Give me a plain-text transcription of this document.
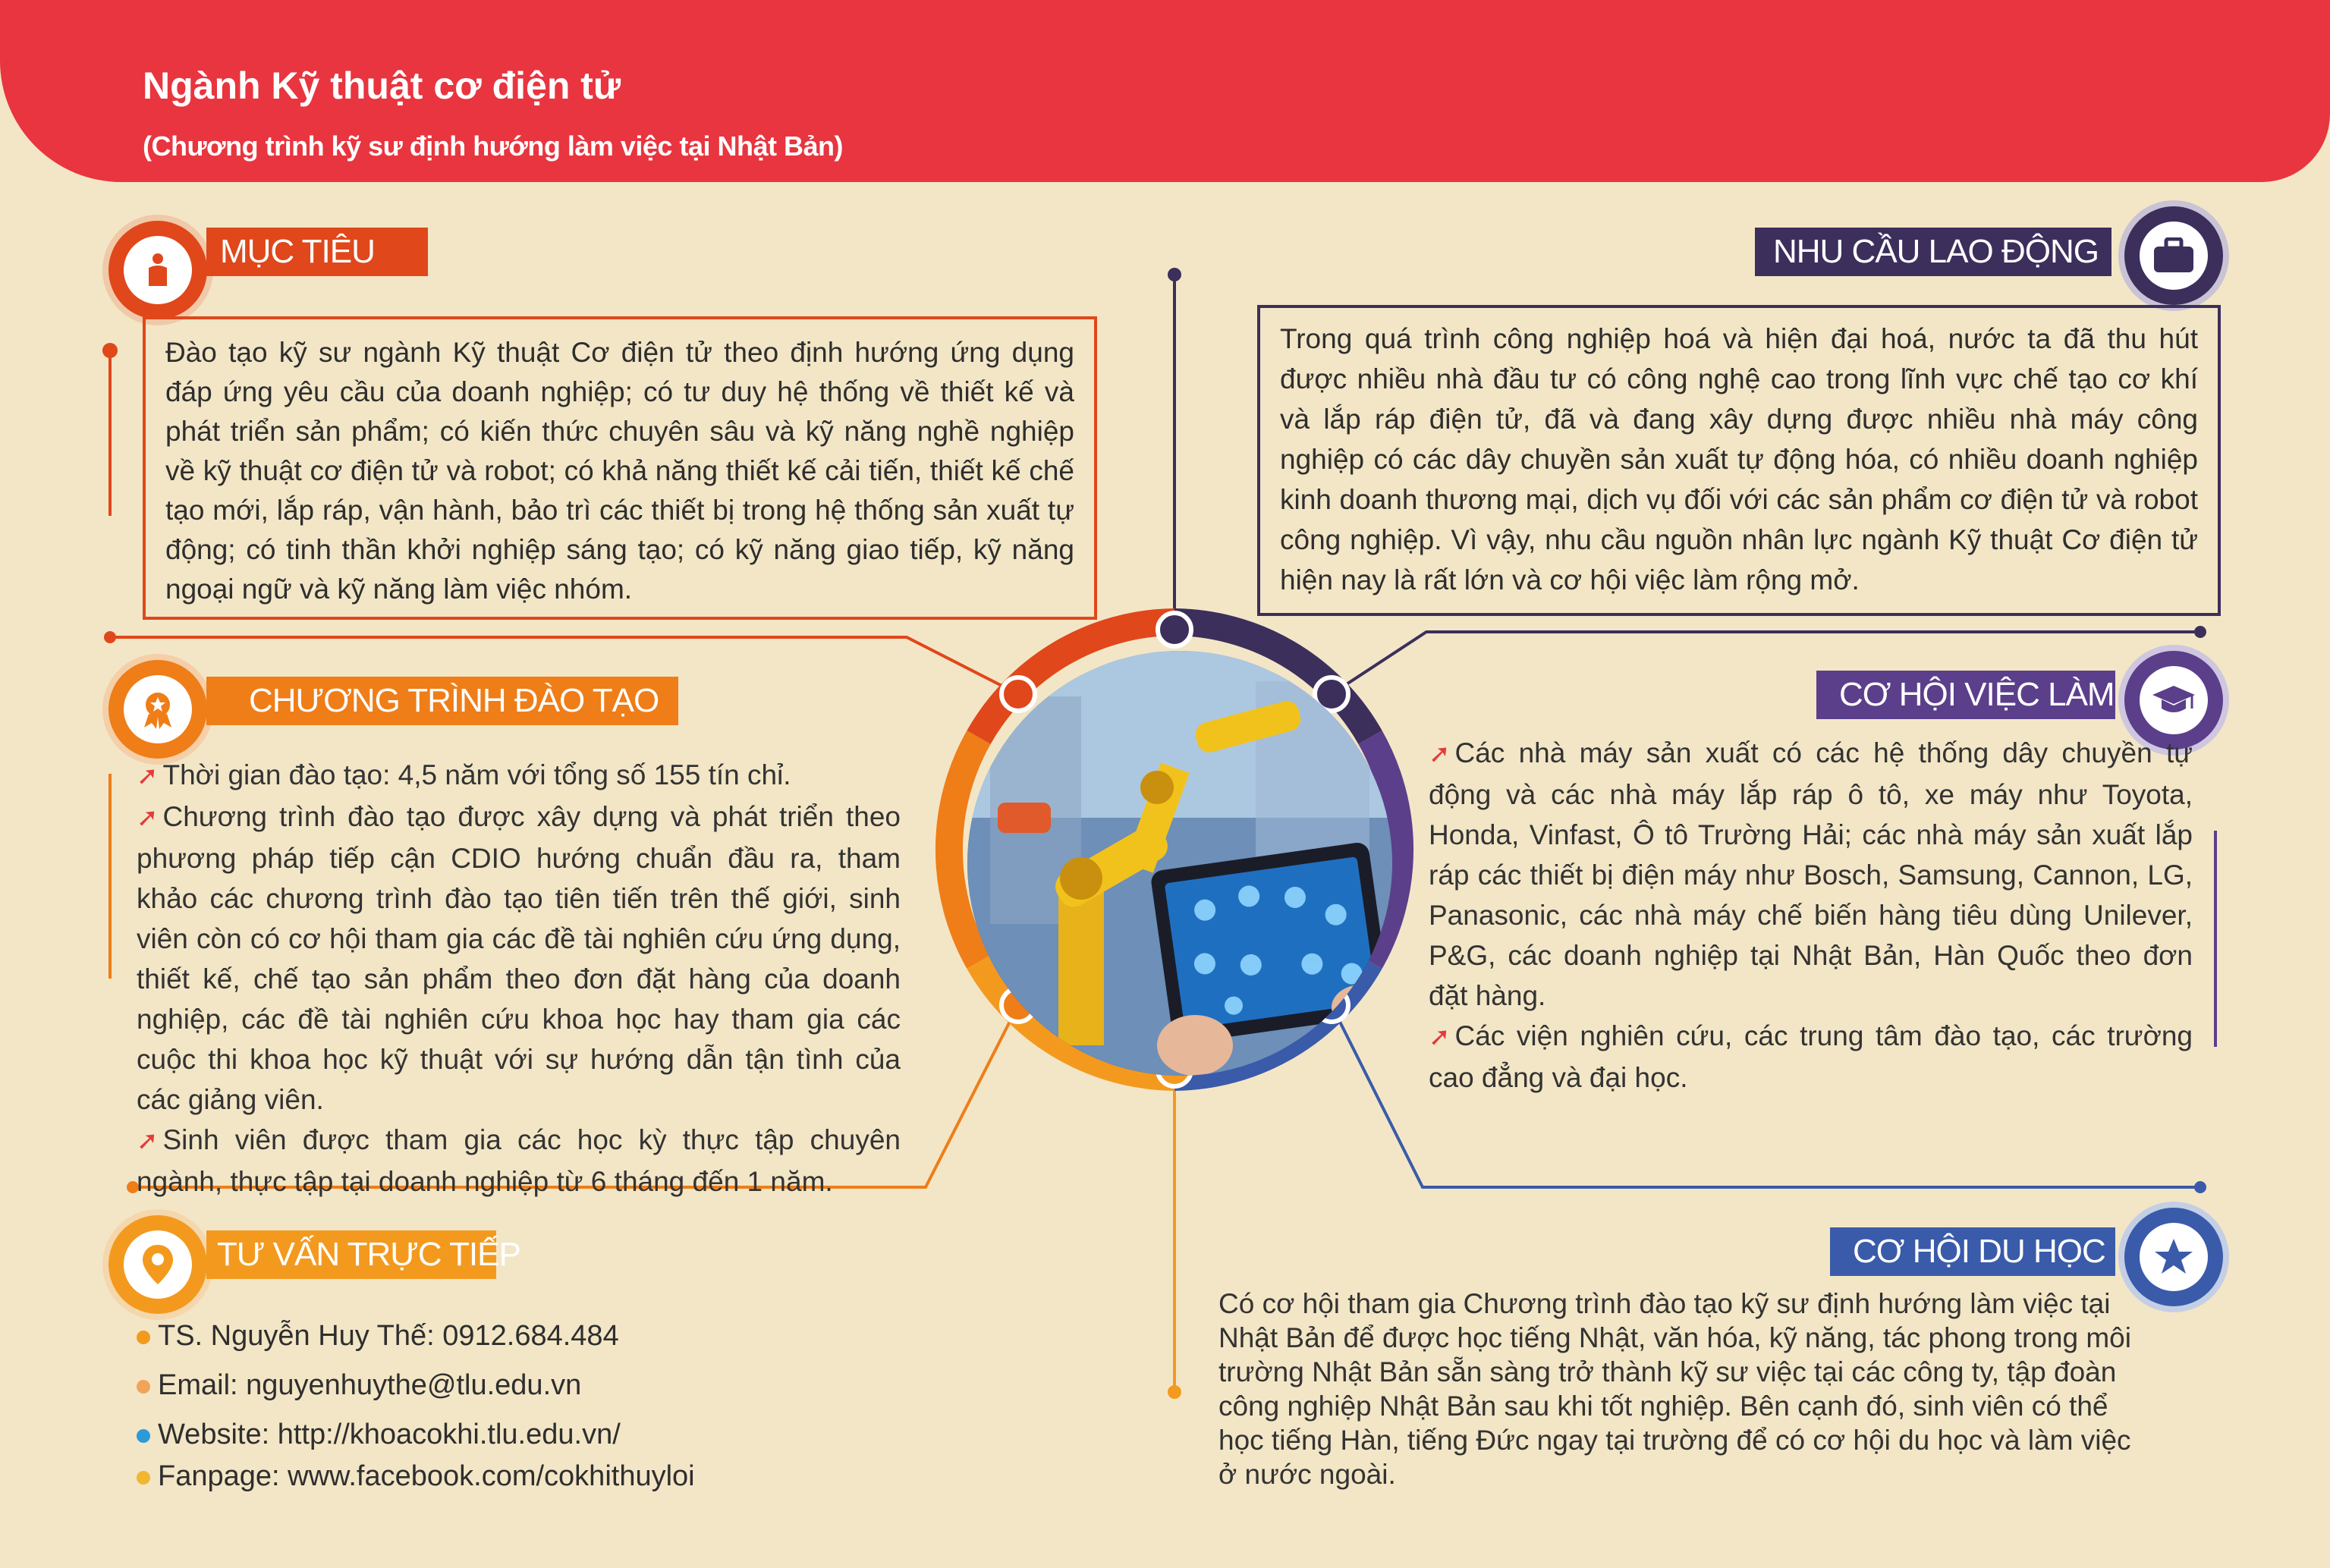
Ngành Kỹ thuật cơ điện tử
(Chương trình kỹ sư định hướng làm việc tại Nhật Bản)
MỤC TIÊU
Đào tạo kỹ sư ngành Kỹ thuật Cơ điện tử theo định hướng ứng dụng đáp ứng yêu cầu của doanh nghiệp; có tư duy hệ thống về thiết kế và phát triển sản phẩm; có kiến thức chuyên sâu và kỹ năng nghề nghiệp về kỹ thuật cơ điện tử và robot; có khả năng thiết kế cải tiến, thiết kế chế tạo mới, lắp ráp, vận hành, bảo trì các thiết bị trong hệ thống sản xuất tự động; có tinh thần khởi nghiệp sáng tạo; có kỹ năng giao tiếp, kỹ năng ngoại ngữ và kỹ năng làm việc nhóm.
NHU CẦU LAO ĐỘNG
Trong quá trình công nghiệp hoá và hiện đại hoá, nước ta đã thu hút được nhiều nhà đầu tư có công nghệ cao trong lĩnh vực chế tạo cơ khí và lắp ráp điện tử, đã và đang xây dựng được nhiều nhà máy công nghiệp có các dây chuyền sản xuất tự động hóa, có nhiều doanh nghiệp kinh doanh thương mại, dịch vụ đối với các sản phẩm cơ điện tử và robot công nghiệp. Vì vậy, nhu cầu nguồn nhân lực ngành Kỹ thuật Cơ điện tử hiện nay là rất lớn và cơ hội việc làm rộng mở.
CHƯƠNG TRÌNH ĐÀO TẠO
➚ Thời gian đào tạo: 4,5 năm với tổng số 155 tín chỉ.
➚ Chương trình đào tạo được xây dựng và phát triển theo phương pháp tiếp cận CDIO hướng chuẩn đầu ra, tham khảo các chương trình đào tạo tiên tiến trên thế giới, sinh viên còn có cơ hội tham gia các đề tài nghiên cứu ứng dụng, thiết kế, chế tạo sản phẩm theo đơn đặt hàng của doanh nghiệp, các đề tài nghiên cứu khoa học hay tham gia các cuộc thi khoa học kỹ thuật với sự hướng dẫn tận tình của các giảng viên.
➚ Sinh viên được tham gia các học kỳ thực tập chuyên ngành, thực tập tại doanh nghiệp từ 6 tháng đến 1 năm.
CƠ HỘI VIỆC LÀM
➚ Các nhà máy sản xuất có các hệ thống dây chuyền tự động và các nhà máy lắp ráp ô tô, xe máy như Toyota, Honda, Vinfast, Ô tô Trường Hải; các nhà máy sản xuất lắp ráp các thiết bị điện máy như Bosch, Samsung, Cannon, LG, Panasonic, các nhà máy chế biến hàng tiêu dùng Unilever, P&G, các doanh nghiệp tại Nhật Bản, Hàn Quốc theo đơn đặt hàng.
➚ Các viện nghiên cứu, các trung tâm đào tạo, các trường cao đẳng và đại học.
TƯ VẤN TRỰC TIẾP
TS. Nguyễn Huy Thế: 0912.684.484
Email: nguyenhuythe@tlu.edu.vn
Website: http://khoacokhi.tlu.edu.vn/
Fanpage: www.facebook.com/cokhithuyloi
CƠ HỘI DU HỌC
Có cơ hội tham gia Chương trình đào tạo kỹ sư định hướng làm việc tại Nhật Bản để được học tiếng Nhật, văn hóa, kỹ năng, tác phong trong môi trường Nhật Bản sẵn sàng trở thành kỹ sư việc tại các công ty, tập đoàn công nghiệp Nhật Bản sau khi tốt nghiệp. Bên cạnh đó, sinh viên có thể học tiếng Hàn, tiếng Đức ngay tại trường để có cơ hội du học và làm việc ở nước ngoài.
